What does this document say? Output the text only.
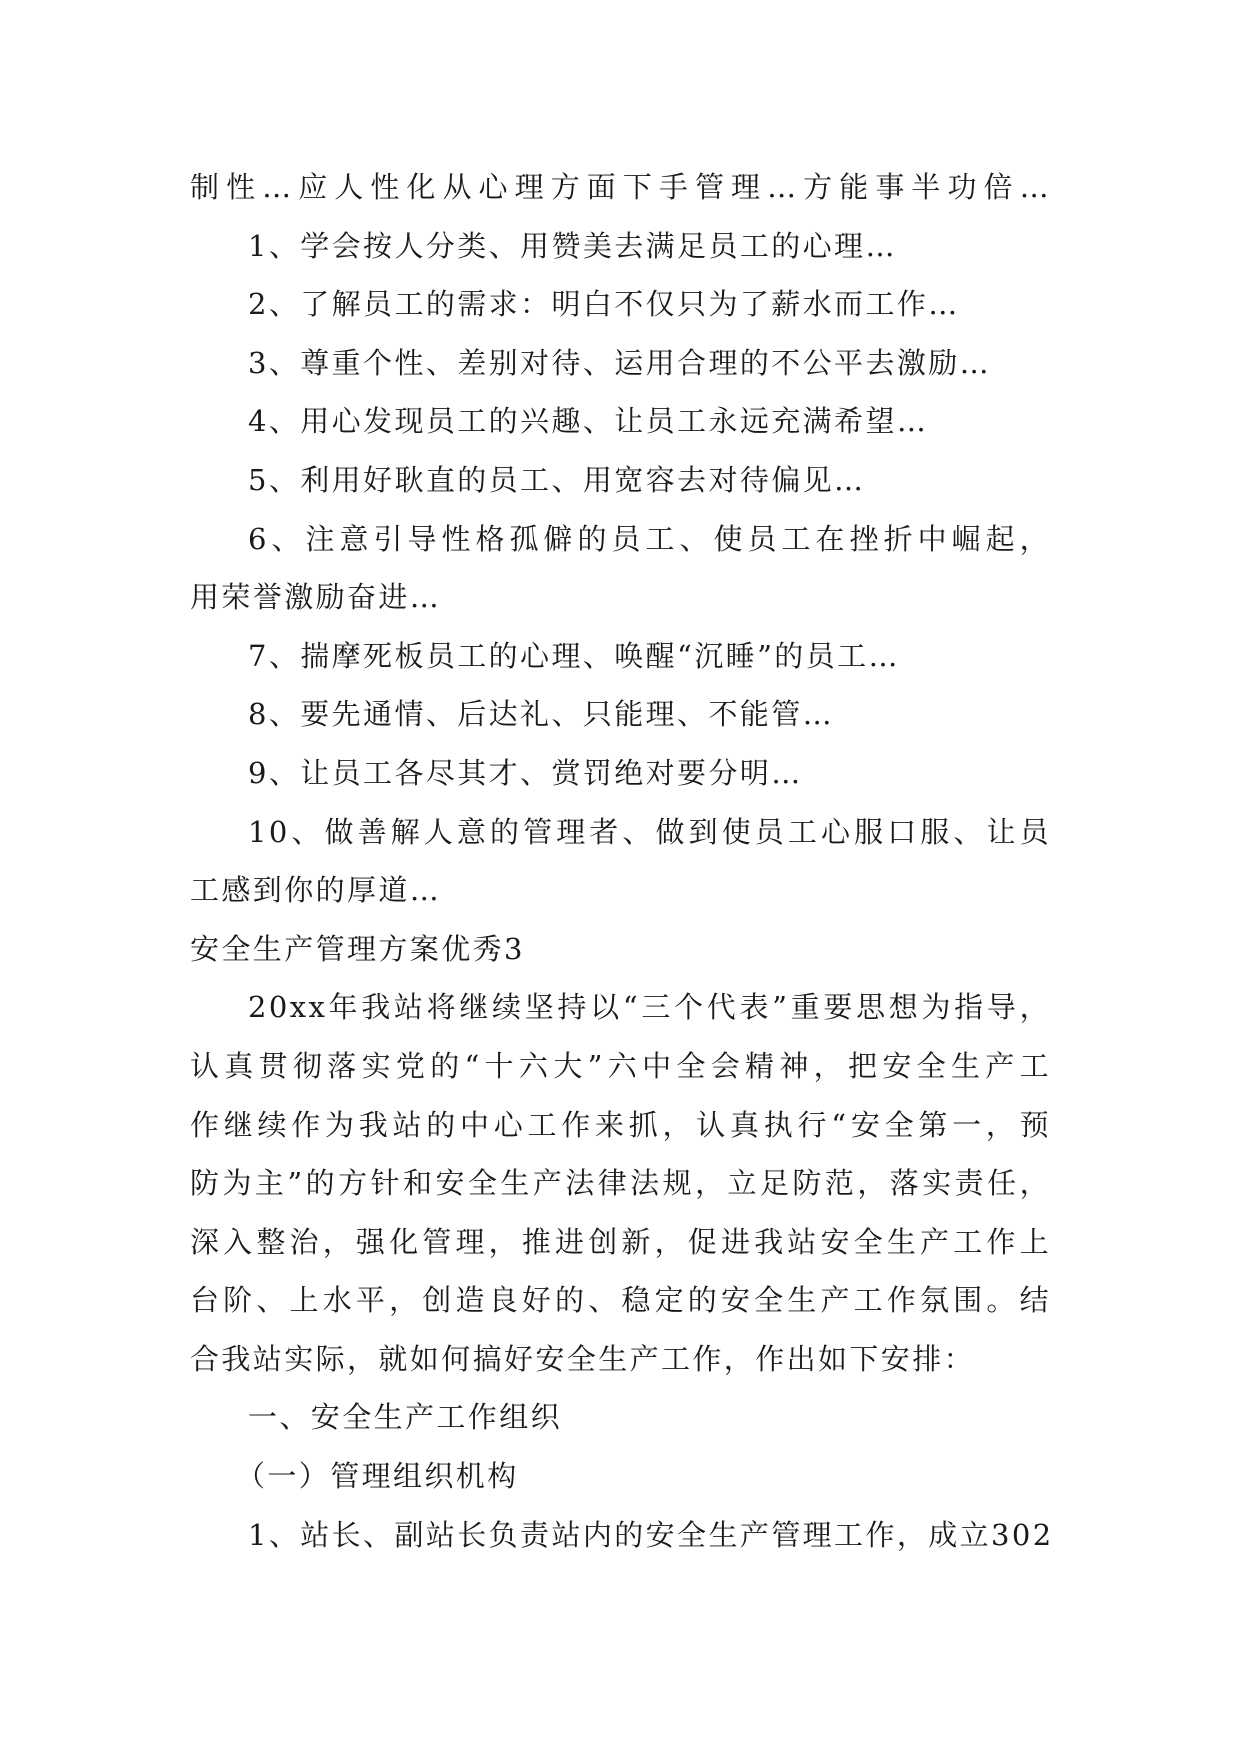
制性…应人性化从心理方面下手管理…方能事半功倍…

1、学会按人分类、用赞美去满足员工的心理…

2、了解员工的需求：明白不仅只为了薪水而工作…

3、尊重个性、差别对待、运用合理的不公平去激励…

4、用心发现员工的兴趣、让员工永远充满希望…

5、利用好耿直的员工、用宽容去对待偏见…

6、注意引导性格孤僻的员工、使员工在挫折中崛起，

用荣誉激励奋进…

7、揣摩死板员工的心理、唤醒“沉睡”的员工…

8、要先通情、后达礼、只能理、不能管…

9、让员工各尽其才、赏罚绝对要分明…

10、做善解人意的管理者、做到使员工心服口服、让员

工感到你的厚道…

安全生产管理方案优秀3

20xx年我站将继续坚持以“三个代表”重要思想为指导，

认真贯彻落实党的“十六大”六中全会精神，把安全生产工

作继续作为我站的中心工作来抓，认真执行“安全第一，预

防为主”的方针和安全生产法律法规，立足防范，落实责任，

深入整治，强化管理，推进创新，促进我站安全生产工作上

台阶、上水平，创造良好的、稳定的安全生产工作氛围。结

合我站实际，就如何搞好安全生产工作，作出如下安排：

一、安全生产工作组织

（一）管理组织机构

1、站长、副站长负责站内的安全生产管理工作，成立302
